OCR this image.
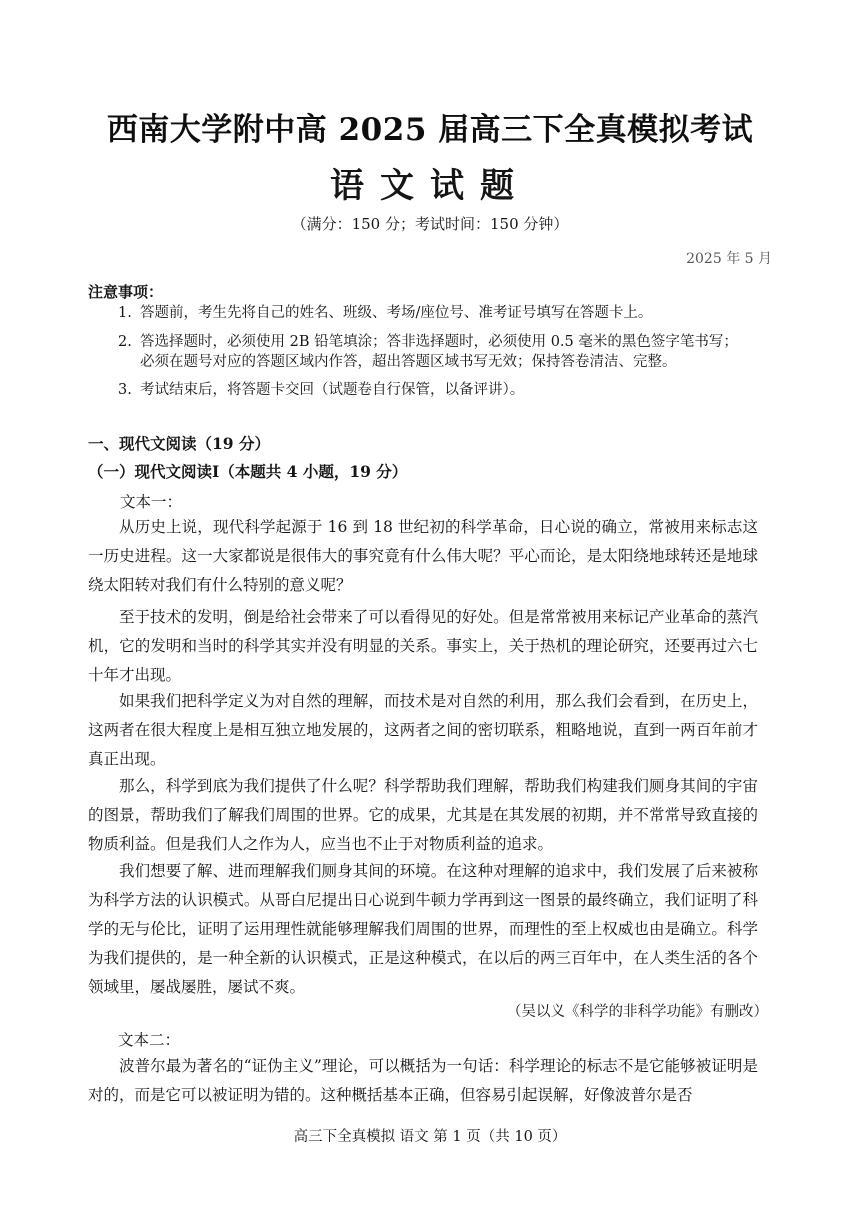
西南大学附中高 2025 届高三下全真模拟考试
语文试题
（满分：150 分；考试时间：150 分钟）
2025 年 5 月
注意事项：
1. 答题前，考生先将自己的姓名、班级、考场/座位号、准考证号填写在答题卡上。
2. 答选择题时，必须使用 2B 铅笔填涂；答非选择题时，必须使用 0.5 毫米的黑色签字笔书写；
必须在题号对应的答题区域内作答，超出答题区域书写无效；保持答卷清洁、完整。
3. 考试结束后，将答题卡交回（试题卷自行保管，以备评讲）。
一、现代文阅读（19 分）
（一）现代文阅读Ⅰ（本题共 4 小题，19 分）
文本一：

从历史上说，现代科学起源于 16 到 18 世纪初的科学革命，日心说的确立，常被用来标志这一历史进程。这一大家都说是很伟大的事究竟有什么伟大呢？平心而论，是太阳绕地球转还是地球绕太阳转对我们有什么特别的意义呢？

至于技术的发明，倒是给社会带来了可以看得见的好处。但是常常被用来标记产业革命的蒸汽机，它的发明和当时的科学其实并没有明显的关系。事实上，关于热机的理论研究，还要再过六七十年才出现。

如果我们把科学定义为对自然的理解，而技术是对自然的利用，那么我们会看到，在历史上，这两者在很大程度上是相互独立地发展的，这两者之间的密切联系，粗略地说，直到一两百年前才真正出现。

那么，科学到底为我们提供了什么呢？科学帮助我们理解，帮助我们构建我们厕身其间的宇宙的图景，帮助我们了解我们周围的世界。它的成果，尤其是在其发展的初期，并不常常导致直接的物质利益。但是我们人之作为人，应当也不止于对物质利益的追求。

我们想要了解、进而理解我们厕身其间的环境。在这种对理解的追求中，我们发展了后来被称为科学方法的认识模式。从哥白尼提出日心说到牛顿力学再到这一图景的最终确立，我们证明了科学的无与伦比，证明了运用理性就能够理解我们周围的世界，而理性的至上权威也由是确立。科学为我们提供的，是一种全新的认识模式，正是这种模式，在以后的两三百年中，在人类生活的各个领域里，屡战屡胜，屡试不爽。

（吴以义《科学的非科学功能》有删改）
文本二：

波普尔最为著名的“证伪主义”理论，可以概括为一句话：科学理论的标志不是它能够被证明是对的，而是它可以被证明为错的。这种概括基本正确，但容易引起误解，好像波普尔是否

高三下全真模拟 语文 第 1 页（共 10 页）
